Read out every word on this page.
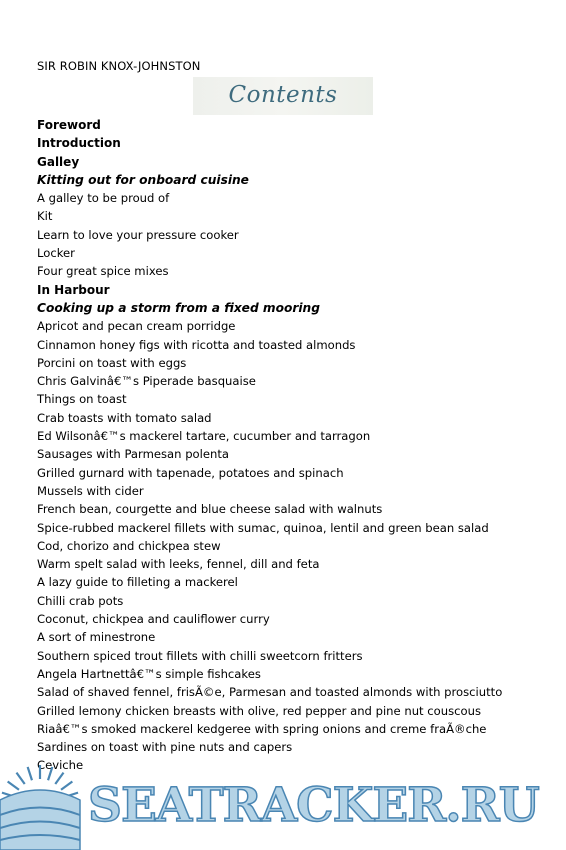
SIR ROBIN KNOX-JOHNSTON
Contents
Foreword
Introduction
Galley
Kitting out for onboard cuisine
A galley to be proud of
Kit
Learn to love your pressure cooker
Locker
Four great spice mixes
In Harbour
Cooking up a storm from a fixed mooring
Apricot and pecan cream porridge
Cinnamon honey figs with ricotta and toasted almonds
Porcini on toast with eggs
Chris Galvinâ€™s Piperade basquaise
Things on toast
Crab toasts with tomato salad
Ed Wilsonâ€™s mackerel tartare, cucumber and tarragon
Sausages with Parmesan polenta
Grilled gurnard with tapenade, potatoes and spinach
Mussels with cider
French bean, courgette and blue cheese salad with walnuts
Spice-rubbed mackerel fillets with sumac, quinoa, lentil and green bean salad
Cod, chorizo and chickpea stew
Warm spelt salad with leeks, fennel, dill and feta
A lazy guide to filleting a mackerel
Chilli crab pots
Coconut, chickpea and cauliflower curry
A sort of minestrone
Southern spiced trout fillets with chilli sweetcorn fritters
Angela Hartnettâ€™s simple fishcakes
Salad of shaved fennel, frisÃ©e, Parmesan and toasted almonds with prosciutto
Grilled lemony chicken breasts with olive, red pepper and pine nut couscous
Riaâ€™s smoked mackerel kedgeree with spring onions and creme fraÃ®che
Sardines on toast with pine nuts and capers
Ceviche
SEATRACKER.RU
